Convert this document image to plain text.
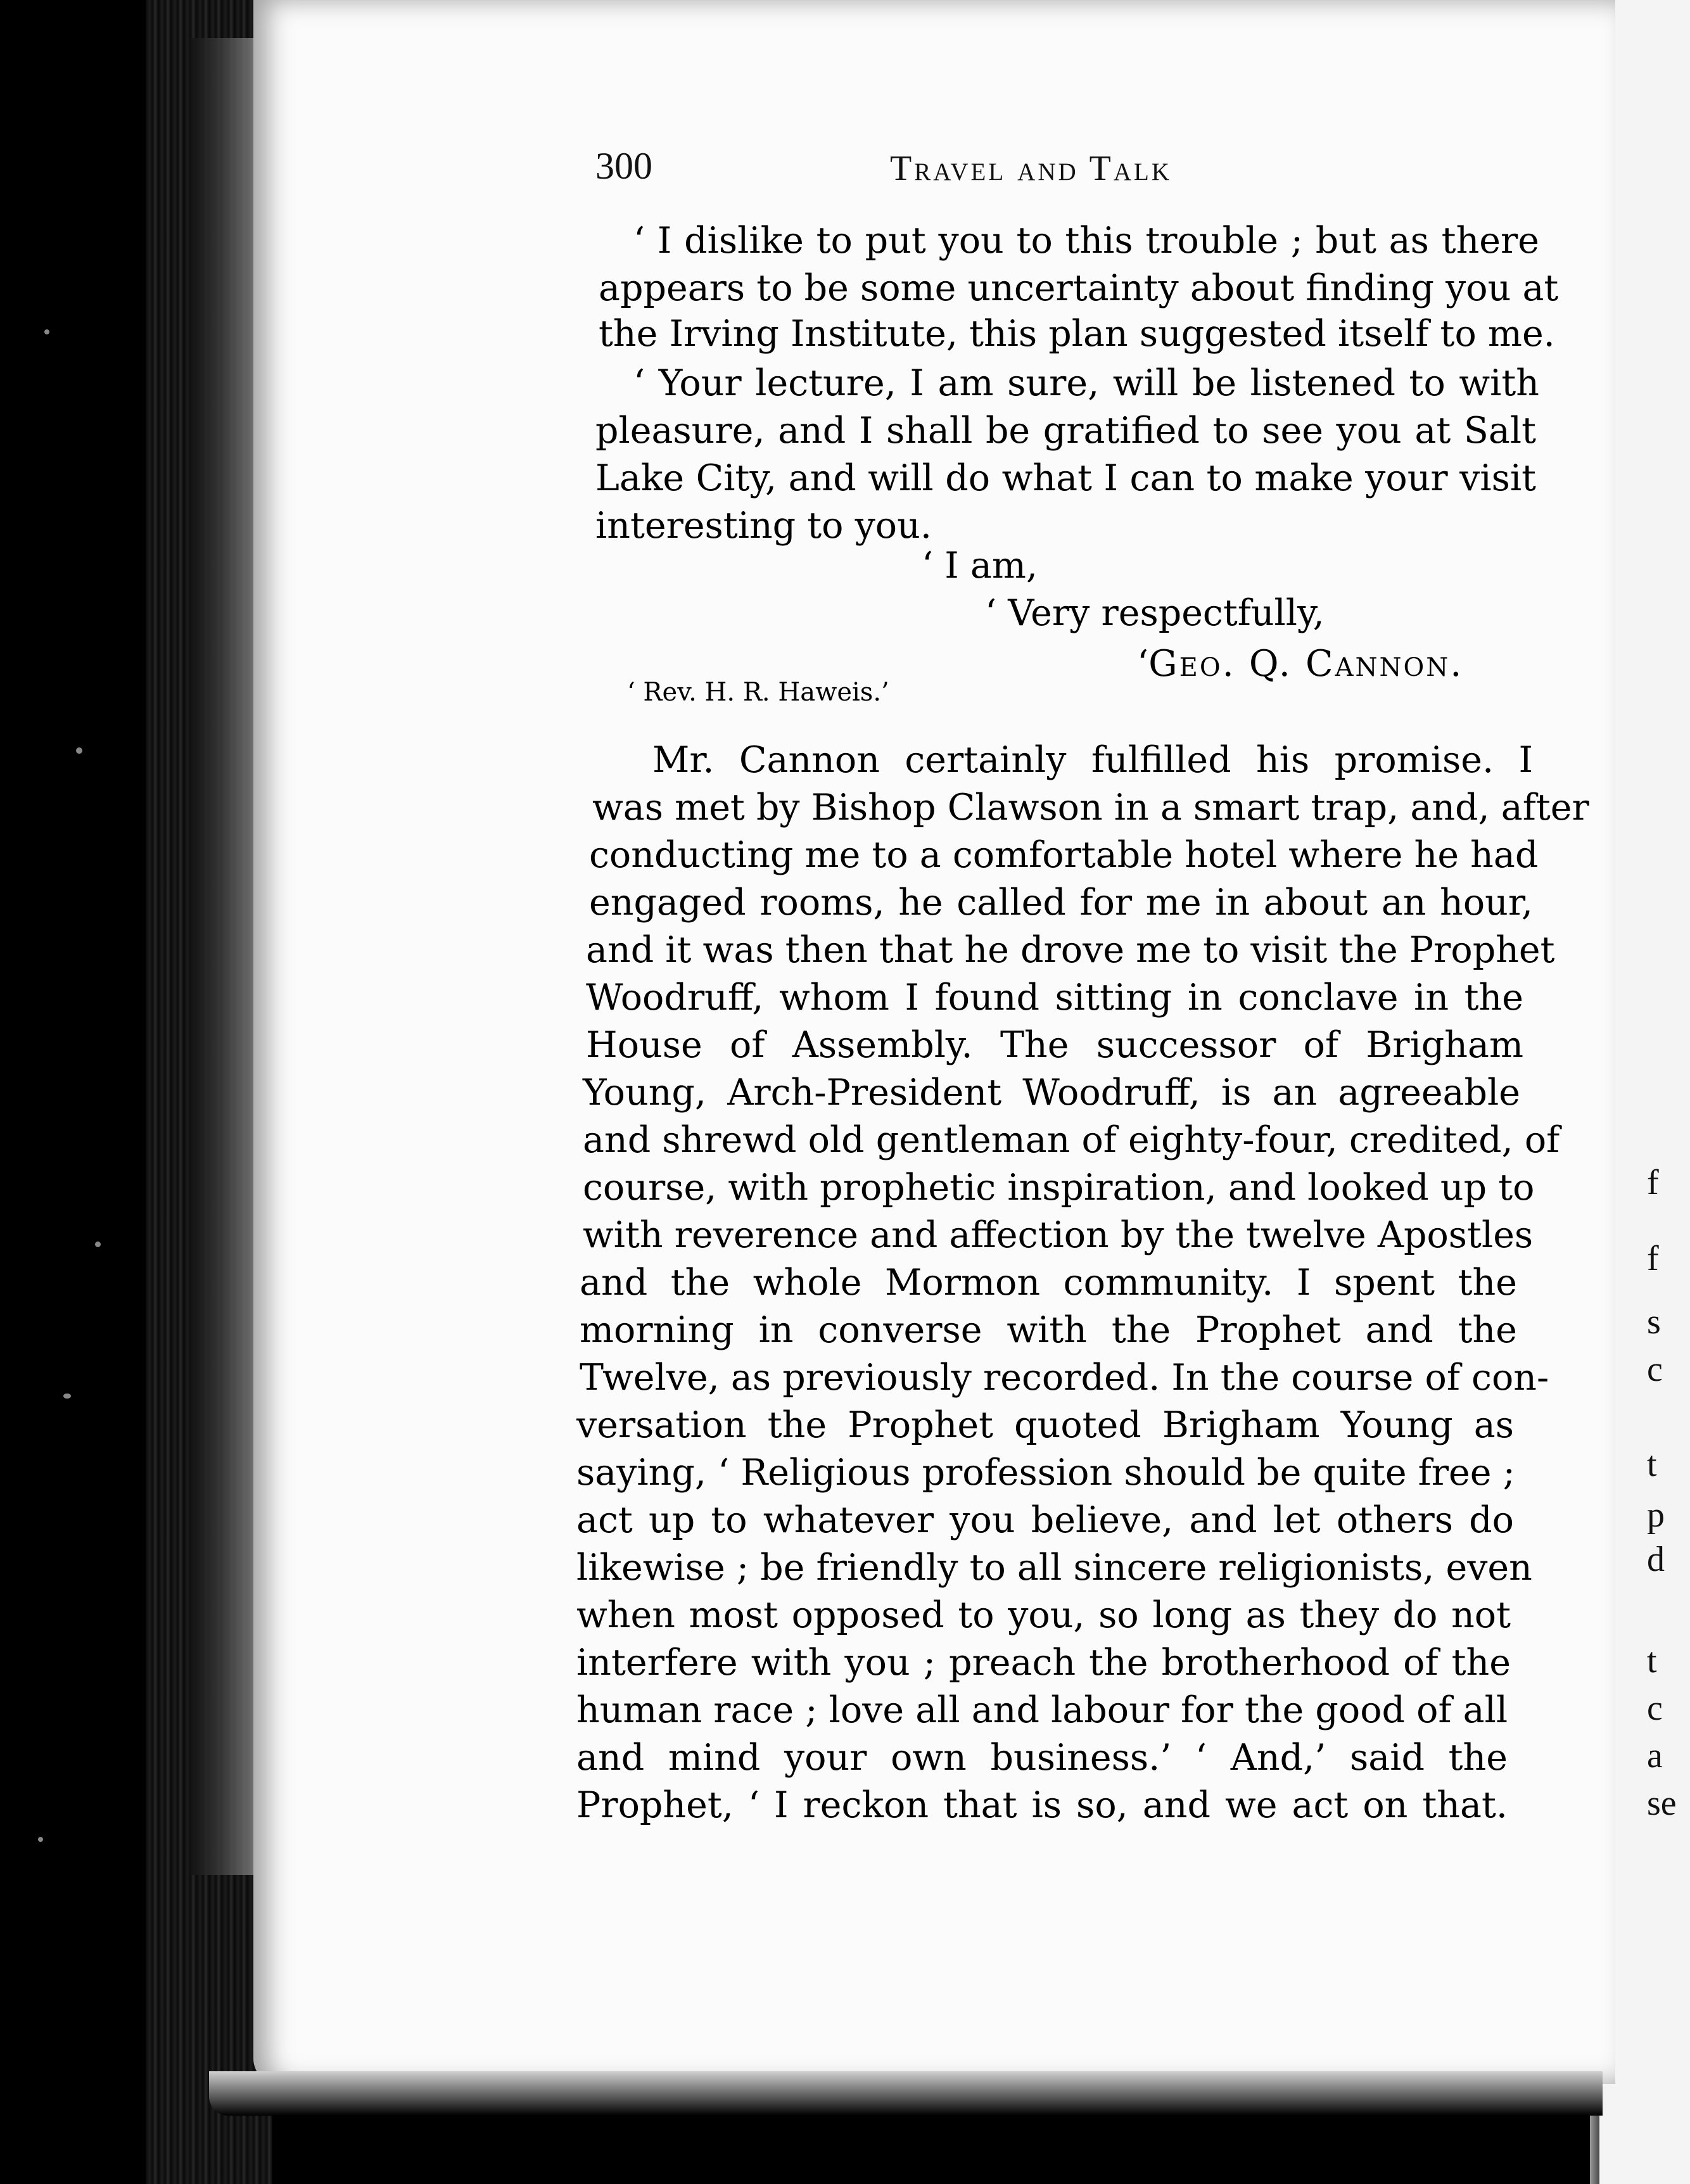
f
f
s
c
t
p
d
t
c
a
se
300	Travel and Talk
‘ I dislike to put you to this trouble ; but as there
appears to be some uncertainty about finding you at
the Irving Institute, this plan suggested itself to me.
‘ Your lecture, I am sure, will be listened to with
pleasure, and I shall be gratified to see you at Salt
Lake City, and will do what I can to make your visit
interesting to you.
‘ I am,
‘ Very respectfully,
‘Geo. Q. Cannon.
‘ Rev. H. R. Haweis.’
Mr. Cannon certainly fulfilled his promise. I
was met by Bishop Clawson in a smart trap, and, after
conducting me to a comfortable hotel where he had
engaged rooms, he called for me in about an hour,
and it was then that he drove me to visit the Prophet
Woodruff, whom I found sitting in conclave in the
House of Assembly. The successor of Brigham
Young, Arch-President Woodruff, is an agreeable
and shrewd old gentleman of eighty-four, credited, of
course, with prophetic inspiration, and looked up to
with reverence and affection by the twelve Apostles
and the whole Mormon community. I spent the
morning in converse with the Prophet and the
Twelve, as previously recorded. In the course of con-
versation the Prophet quoted Brigham Young as
saying, ‘ Religious profession should be quite free ;
act up to whatever you believe, and let others do
likewise ; be friendly to all sincere religionists, even
when most opposed to you, so long as they do not
interfere with you ; preach the brotherhood of the
human race ; love all and labour for the good of all
and mind your own business.’ ‘ And,’ said the
Prophet, ‘ I reckon that is so, and we act on that.
